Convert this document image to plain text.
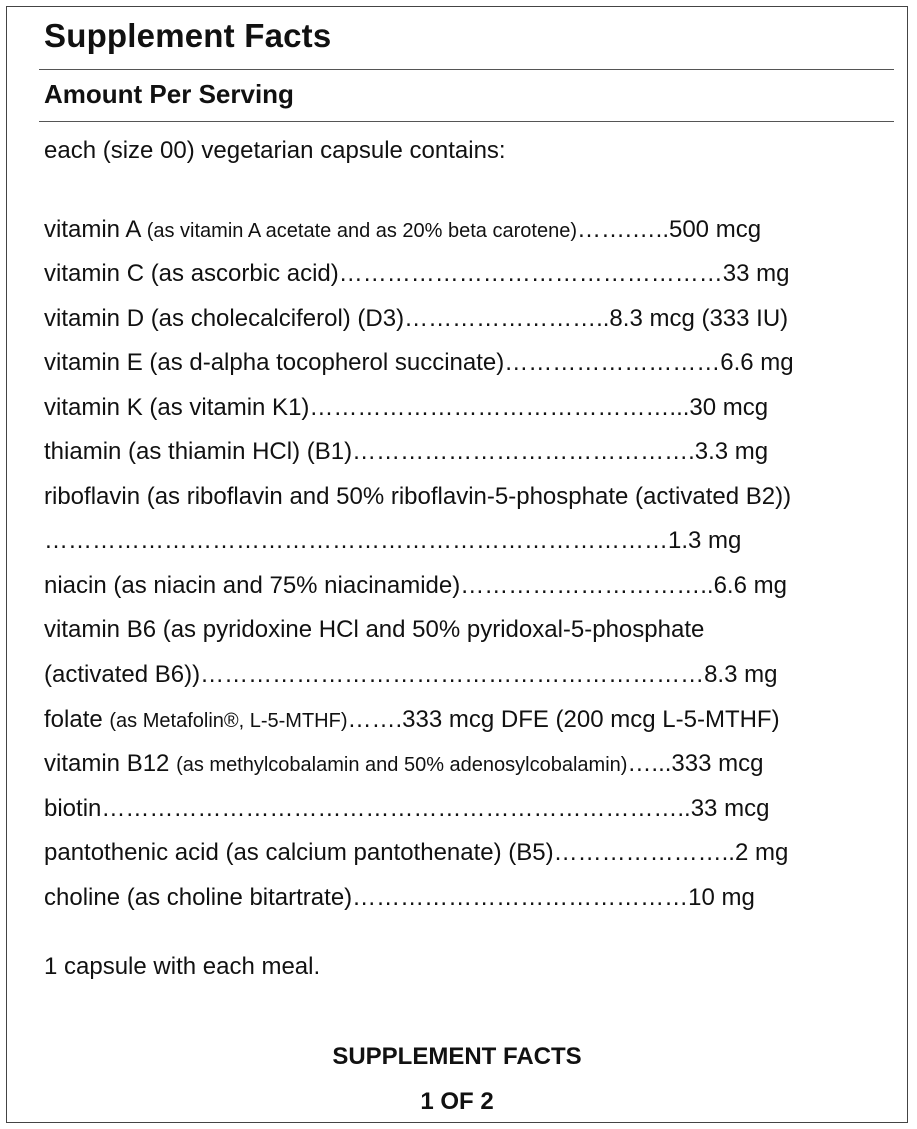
Supplement Facts
Amount Per Serving
each (size 00) vegetarian capsule contains:
vitamin A (as vitamin A acetate and as 20% beta carotene)…….…..500 mcg
vitamin C (as ascorbic acid)…………………………………………33 mg
vitamin D (as cholecalciferol) (D3)……………………..8.3 mcg (333 IU)
vitamin E (as d-alpha tocopherol succinate)………………………6.6 mg
vitamin K (as vitamin K1)………………………………………...30 mcg
thiamin (as thiamin HCl) (B1)…………………………………….3.3 mg
riboflavin (as riboflavin and 50% riboflavin-5-phosphate (activated B2))
……………………………………………………………………1.3 mg
niacin (as niacin and 75% niacinamide)…………………………..6.6 mg
vitamin B6 (as pyridoxine HCl and 50% pyridoxal-5-phosphate
(activated B6))………………………………………………………8.3 mg
folate (as Metafolin®, L-5-MTHF)…….333 mcg DFE (200 mcg L-5-MTHF)
vitamin B12 (as methylcobalamin and 50% adenosylcobalamin)…...333 mcg
biotin………………………………………………………………..33 mcg
pantothenic acid (as calcium pantothenate) (B5)…………………..2 mg
choline (as choline bitartrate)……………………………………10 mg
1 capsule with each meal.
SUPPLEMENT FACTS
1 OF 2
